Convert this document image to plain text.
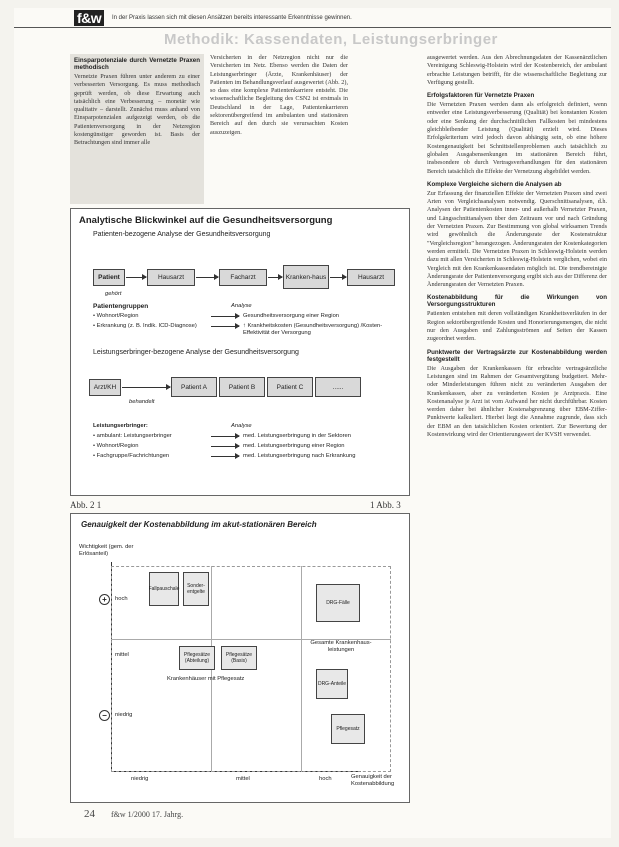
f&w	In der Praxis lassen sich mit diesen Ansätzen bereits interessante Erkenntnisse gewinnen.
Methodik: Kassendaten, Leistungserbringer
Einsparpotenziale durch Vernetzte Praxen methodisch

Vernetzte Praxen führen unter anderem zu einer verbesserten Versorgung. Es muss methodisch geprüft werden, ob diese Erwartung auch tatsächlich eine Verbesserung – monetär wie qualitativ – darstellt. Zunächst muss anhand von Einsparpotenzialen aufgezeigt werden, ob die Patientenversorgung in der Netzregion kostengünstiger geworden ist. Basis der Betrachtungen sind immer alle

Versicherten in der Netzregion nicht nur die Versicherten im Netz. Ebenso werden die Daten der Leistungserbringer (Ärzte, Krankenhäuser) der Patienten im Behandlungsverlauf ausgewertet (Abb. 2), so dass eine komplexe Patientenkarriere entsteht. Die wissenschaftliche Begleitung des CSN2 ist erstmals in Deutschland in der Lage, Patientenkarrieren sektorenübergreifend im ambulanten und stationären Bereich auf den durch sie verursachten Kosten auszuzeigen.

ausgewertet werden. Aus den Abrechnungsdaten der Kassenärztlichen Vereinigung Schleswig-Holstein wird der Kostenbereich, der ambulant erbrachte Leistungen betrifft, für die wissenschaftliche Begleitung zur Verfügung gestellt.

Erfolgsfaktoren für Vernetzte Praxen

Die Vernetzten Praxen werden dann als erfolgreich definiert, wenn entweder eine Leistungsverbesserung (Qualität) bei konstanten Kosten oder eine Senkung der durchschnittlichen Fallkosten bei mindestens gleichbleibender Leistung (Qualität) erzielt wird. Dieses Erfolgskriterium wird jedoch davon abhängig sein, ob eine höhere Kostengenauigkeit bei Schnittstellenproblemen auch tatsächlich zu globalen Ausgabensenkungen im stationären Bereich führt, insbesondere ob durch Vertragsverhandlungen für den stationären Bereich tatsächlich die Effekte der Vernetzung abgebildet werden.

Komplexe Vergleiche sichern die Analysen ab

Zur Erfassung der finanziellen Effekte der Vernetzten Praxen sind zwei Arten von Vergleichsanalysen notwendig. Querschnittsanalysen, d.h. Analysen der Patientenkosten inner- und außerhalb Vernetzter Praxen, und Längsschnittanalysen über den Zeitraum vor und nach Gründung der Vernetzten Praxen. Zur Bestimmung von global wirksamen Trends wird gewöhnlich die Änderungsrate der Kostenstruktur "Vergleichsregion" herangezogen. Änderungsraten der Kostenkategorien werden ermittelt. Die Vernetzten Praxen in Schleswig-Holstein werden dazu mit allen Versicherten in Schleswig-Holstein verglichen, wobei ein Vergleich mit den Krankenkassendaten möglich ist. Die trendbereinigte Änderungsrate der Patientenversorgung ergibt sich aus der Differenz der Änderungsraten der Vernetzten Praxen.

Kostenabbildung für die Wirkungen von Versorgungsstrukturen

Patienten entstehen mit deren vollständigen Krankheitsverläufen in der Region sektorübergreifende Kosten und Honorierungsmengen, die nicht nur den Ausgaben und Zahlungsströmen auf Seiten der Kassen zugeordnet werden.

Punktwerte der Vertragsärzte zur Kostenabbildung werden festgestellt

Die Ausgaben der Krankenkassen für erbrachte vertragsärztliche Leistungen sind im Rahmen der Gesamtvergütung budgetiert. Mehr- oder Minderleistungen führen nicht zu veränderten Ausgaben der Krankenkassen, aber zu veränderten Kosten je Arztpraxis. Eine Kostenanalyse je Arzt ist vom Aufwand her nicht durchführbar. Kosten werden daher bei ähnlicher Kostenabgrenzung über EBM-Ziffer-Punktwerte kalkuliert. Hierbei liegt die Annahme zugrunde, dass sich der EBM an den tatsächlichen Kosten orientiert. Zur Bewertung der Kostenwirkung wird der Orientierungswert der KVSH verwendet.

Analytische Blickwinkel auf die Gesundheitsversorgung
Patienten-bezogene Analyse der Gesundheitsversorgung
Patient	Hausarzt	Facharzt	Kranken-haus	Hausarzt
gehört
Patientengruppen	Analyse
• Wohnort/Region	Gesundheitsversorgung einer Region
• Erkrankung (z. B. Indik. ICD-Diagnose)	↑ Krankheitskosten (Gesundheitsversorgung) /Kosten-Effektivität der Versorgung
Leistungserbringer-bezogene Analyse der Gesundheitsversorgung
Arzt/KH	Patient A	Patient B	Patient C	......
behandelt
Leistungserbringer:	Analyse
• ambulant: Leistungserbringer	med. Leistungserbringung in der Sektoren
• Wohnort/Region	med. Leistungserbringung einer Region
• Fachgruppe/Fachrichtungen	med. Leistungserbringung nach Erkrankung
Abb. 2 1	1 Abb. 3
Genauigkeit der Kostenabbildung im akut-stationären Bereich
Wichtigkeit (gem. der Erlösanteil)
+	hoch
mittel
−	niedrig
Fallpauschale	Sonder-entgelte
DRG-Fälle
Pflegesätze (Abteilung)
Pflegesätze (Basis)
DRG-Anteile
Pflegesatz
Gesamte Krankenhaus-leistungen
Krankenhäuser mit Pflegesatz
niedrig	mittel	hoch	Genauigkeit der Kostenabbildung
24 f&w 1/2000 17. Jahrg.
